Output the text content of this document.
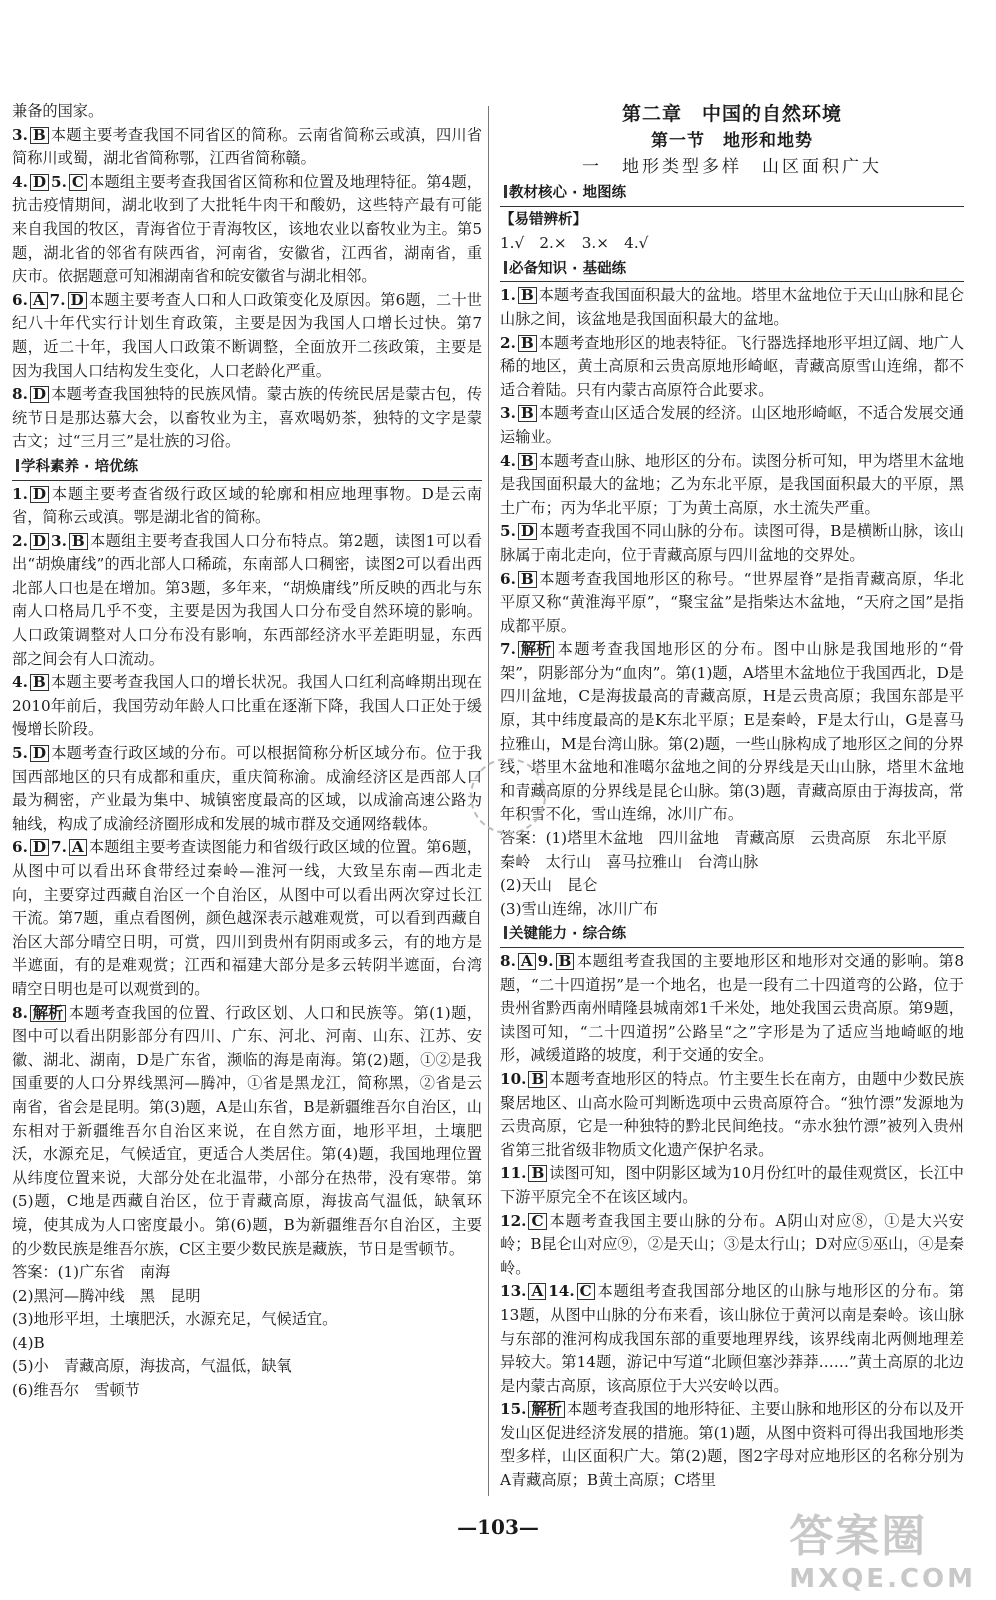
兼备的国家。

3. B 本题主要考查我国不同省区的简称。云南省简称云或滇，四川省简称川或蜀，湖北省简称鄂，江西省简称赣。

4. D 5. C 本题组主要考查我国省区简称和位置及地理特征。第4题，抗击疫情期间，湖北收到了大批牦牛肉干和酸奶，这些特产最有可能来自我国的牧区，青海省位于青海牧区，该地农业以畜牧业为主。第5题，湖北省的邻省有陕西省，河南省，安徽省，江西省，湖南省，重庆市。依据题意可知湘湖南省和皖安徽省与湖北相邻。

6. A 7. D 本题主要考查人口和人口政策变化及原因。第6题，二十世纪八十年代实行计划生育政策，主要是因为我国人口增长过快。第7题，近二十年，我国人口政策不断调整，全面放开二孩政策，主要是因为我国人口结构发生变化，人口老龄化严重。

8. D 本题考查我国独特的民族风情。蒙古族的传统民居是蒙古包，传统节日是那达慕大会，以畜牧业为主，喜欢喝奶茶，独特的文字是蒙古文；过“三月三”是壮族的习俗。

学科素养 · 培优练

1. D 本题主要考查省级行政区域的轮廓和相应地理事物。D是云南省，简称云或滇。鄂是湖北省的简称。

2. D 3. B 本题组主要考查我国人口分布特点。第2题，读图1可以看出“胡焕庸线”的西北部人口稀疏，东南部人口稠密，读图2可以看出西北部人口也是在增加。第3题，多年来，“胡焕庸线”所反映的西北与东南人口格局几乎不变，主要是因为我国人口分布受自然环境的影响。人口政策调整对人口分布没有影响，东西部经济水平差距明显，东西部之间会有人口流动。

4. B 本题主要考查我国人口的增长状况。我国人口红利高峰期出现在2010年前后，我国劳动年龄人口比重在逐渐下降，我国人口正处于缓慢增长阶段。

5. D 本题考查行政区域的分布。可以根据简称分析区域分布。位于我国西部地区的只有成都和重庆，重庆简称渝。成渝经济区是西部人口最为稠密，产业最为集中、城镇密度最高的区域，以成渝高速公路为轴线，构成了成渝经济圈形成和发展的城市群及交通网络载体。

6. D 7. A 本题组主要考查读图能力和省级行政区域的位置。第6题，从图中可以看出环食带经过秦岭—淮河一线，大致呈东南—西北走向，主要穿过西藏自治区一个自治区，从图中可以看出两次穿过长江干流。第7题，重点看图例，颜色越深表示越难观赏，可以看到西藏自治区大部分晴空日明，可赏，四川到贵州有阴雨或多云，有的地方是半遮面，有的是难观赏；江西和福建大部分是多云转阴半遮面，台湾晴空日明也是可以观赏到的。

8. 解析 本题考查我国的位置、行政区划、人口和民族等。第(1)题，图中可以看出阴影部分有四川、广东、河北、河南、山东、江苏、安徽、湖北、湖南，D是广东省，濒临的海是南海。第(2)题，①②是我国重要的人口分界线黑河—腾冲，①省是黑龙江，简称黑，②省是云南省，省会是昆明。第(3)题，A是山东省，B是新疆维吾尔自治区，山东相对于新疆维吾尔自治区来说，在自然方面，地形平坦，土壤肥沃，水源充足，气候适宜，更适合人类居住。第(4)题，我国地理位置从纬度位置来说，大部分处在北温带，小部分在热带，没有寒带。第(5)题，C地是西藏自治区，位于青藏高原，海拔高气温低，缺氧环境，使其成为人口密度最小。第(6)题，B为新疆维吾尔自治区，主要的少数民族是维吾尔族，C区主要少数民族是藏族，节日是雪顿节。

答案：(1)广东省　南海

(2)黑河—腾冲线　黑　昆明

(3)地形平坦，土壤肥沃，水源充足，气候适宜。

(4)B

(5)小　青藏高原，海拔高，气温低，缺氧

(6)维吾尔　雪顿节

第二章　中国的自然环境
第一节　地形和地势
一　地形类型多样　山区面积广大
教材核心 · 地图练
【易错辨析】

1.√　2.×　3.×　4.√

必备知识 · 基础练

1. B 本题考查我国面积最大的盆地。塔里木盆地位于天山山脉和昆仑山脉之间，该盆地是我国面积最大的盆地。

2. B 本题考查地形区的地表特征。飞行器选择地形平坦辽阔、地广人稀的地区，黄土高原和云贵高原地形崎岖，青藏高原雪山连绵，都不适合着陆。只有内蒙古高原符合此要求。

3. B 本题考查山区适合发展的经济。山区地形崎岖，不适合发展交通运输业。

4. B 本题考查山脉、地形区的分布。读图分析可知，甲为塔里木盆地是我国面积最大的盆地；乙为东北平原，是我国面积最大的平原，黑土广布；丙为华北平原；丁为黄土高原，水土流失严重。

5. D 本题考查我国不同山脉的分布。读图可得，B是横断山脉，该山脉属于南北走向，位于青藏高原与四川盆地的交界处。

6. B 本题考查我国地形区的称号。“世界屋脊”是指青藏高原，华北平原又称“黄淮海平原”，“聚宝盆”是指柴达木盆地，“天府之国”是指成都平原。

7. 解析 本题考查我国地形区的分布。图中山脉是我国地形的“骨架”，阴影部分为“血肉”。第(1)题，A塔里木盆地位于我国西北，D是四川盆地，C是海拔最高的青藏高原，H是云贵高原；我国东部是平原，其中纬度最高的是K东北平原；E是秦岭，F是太行山，G是喜马拉雅山，M是台湾山脉。第(2)题，一些山脉构成了地形区之间的分界线，塔里木盆地和准噶尔盆地之间的分界线是天山山脉，塔里木盆地和青藏高原的分界线是昆仑山脉。第(3)题，青藏高原由于海拔高，常年积雪不化，雪山连绵，冰川广布。

答案：(1)塔里木盆地　四川盆地　青藏高原　云贵高原　东北平原　秦岭　太行山　喜马拉雅山　台湾山脉

(2)天山　昆仑

(3)雪山连绵，冰川广布

关键能力 · 综合练

8. A 9. B 本题组考查我国的主要地形区和地形对交通的影响。第8题，“二十四道拐”是一个地名，也是一段有二十四道弯的公路，位于贵州省黔西南州晴隆县城南郊1千米处，地处我国云贵高原。第9题，读图可知，“二十四道拐”公路呈“之”字形是为了适应当地崎岖的地形，减缓道路的坡度，利于交通的安全。

10. B 本题考查地形区的特点。竹主要生长在南方，由题中少数民族聚居地区、山高水险可判断选项中云贵高原符合。“独竹漂”发源地为云贵高原，它是一种独特的黔北民间绝技。“赤水独竹漂”被列入贵州省第三批省级非物质文化遗产保护名录。

11. B 读图可知，图中阴影区域为10月份红叶的最佳观赏区，长江中下游平原完全不在该区域内。

12. C 本题考查我国主要山脉的分布。A阴山对应⑧，①是大兴安岭；B昆仑山对应⑨，②是天山；③是太行山；D对应⑤巫山，④是秦岭。

13. A 14. C 本题组考查我国部分地区的山脉与地形区的分布。第13题，从图中山脉的分布来看，该山脉位于黄河以南是秦岭。该山脉与东部的淮河构成我国东部的重要地理界线，该界线南北两侧地理差异较大。第14题，游记中写道“北顾但塞沙莽莽……”黄土高原的北边是内蒙古高原，该高原位于大兴安岭以西。

15. 解析 本题考查我国的地形特征、主要山脉和地形区的分布以及开发山区促进经济发展的措施。第(1)题，从图中资料可得出我国地形类型多样，山区面积广大。第(2)题，图2字母对应地形区的名称分别为A青藏高原；B黄土高原；C塔里

—103—	答案圈
MXQE.COM
